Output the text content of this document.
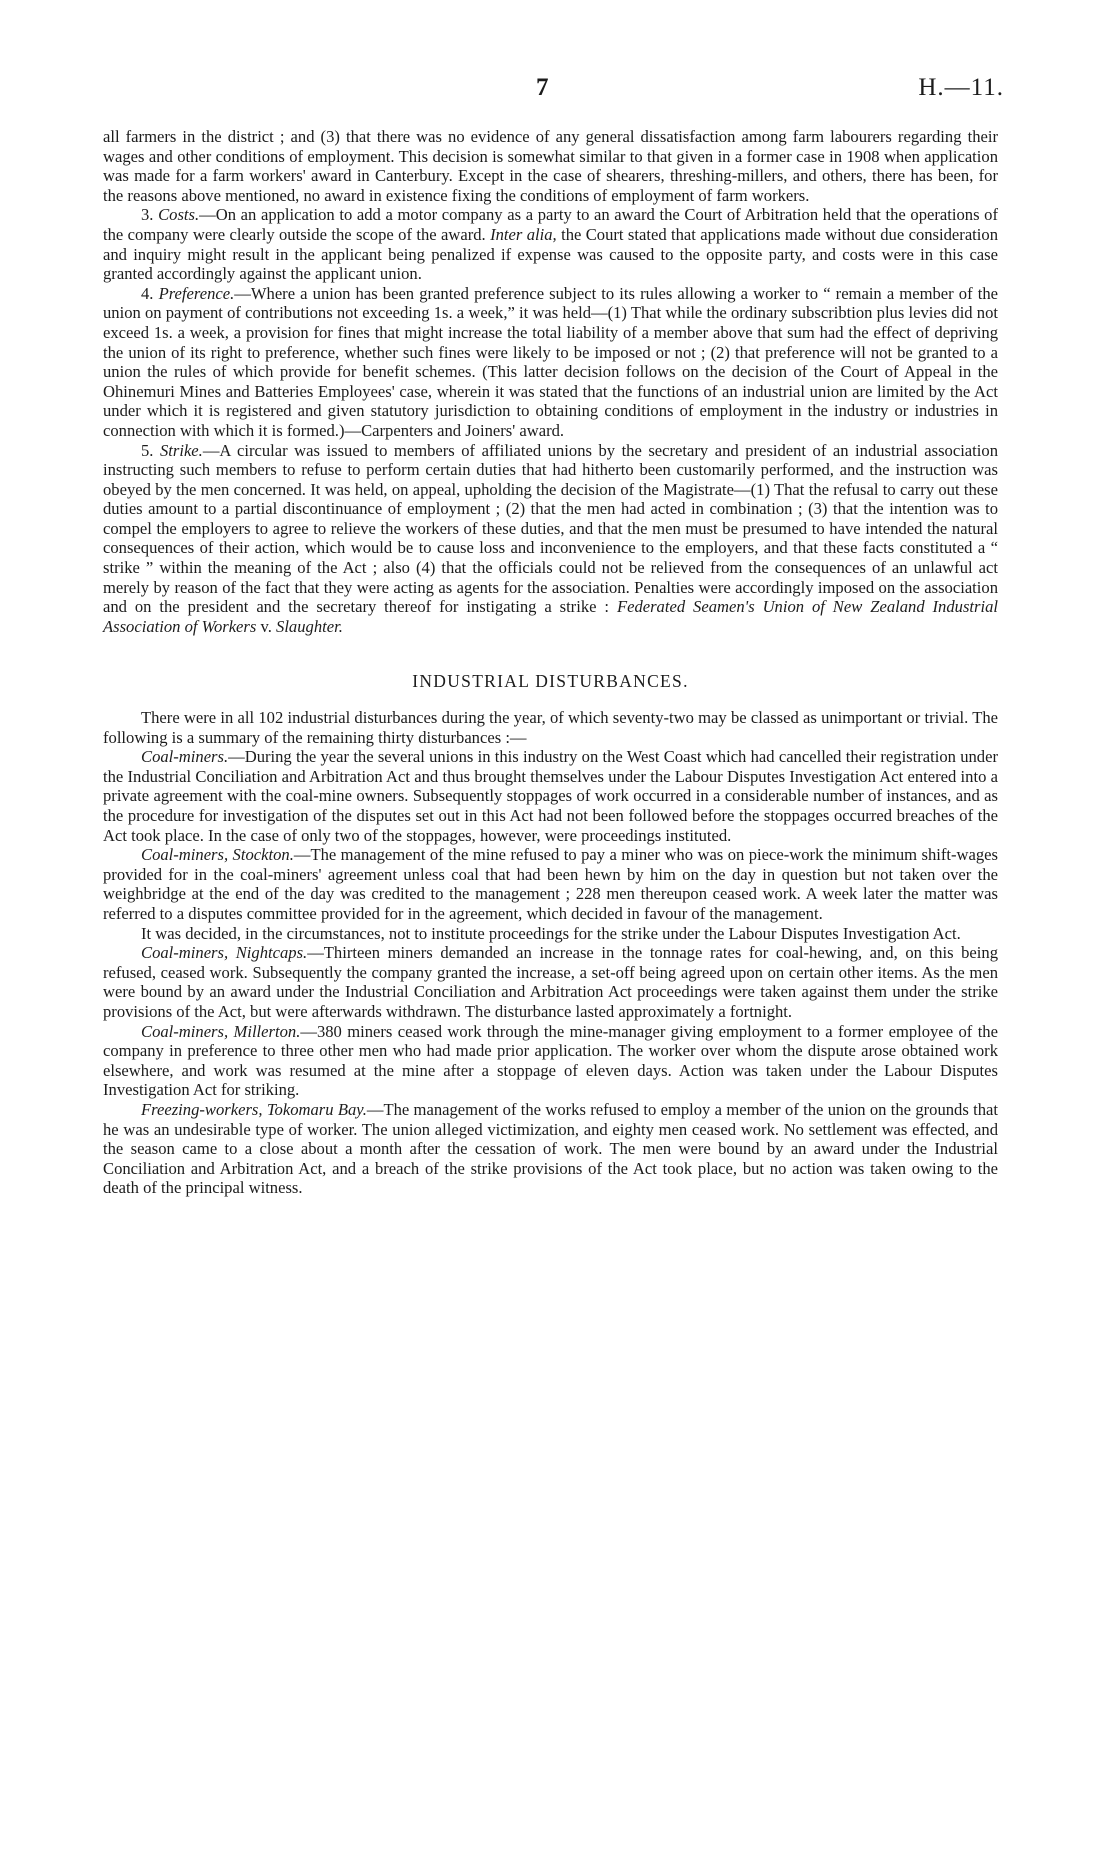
7	H.—11.

all farmers in the district ; and (3) that there was no evidence of any general dissatisfaction among farm labourers regarding their wages and other conditions of employment. This decision is somewhat similar to that given in a former case in 1908 when application was made for a farm workers' award in Canterbury. Except in the case of shearers, threshing-millers, and others, there has been, for the reasons above mentioned, no award in existence fixing the conditions of employment of farm workers.

3. Costs.—On an application to add a motor company as a party to an award the Court of Arbitration held that the operations of the company were clearly outside the scope of the award. Inter alia, the Court stated that applications made without due consideration and inquiry might result in the applicant being penalized if expense was caused to the opposite party, and costs were in this case granted accordingly against the applicant union.

4. Preference.—Where a union has been granted preference subject to its rules allowing a worker to “ remain a member of the union on payment of contributions not exceeding 1s. a week,” it was held—(1) That while the ordinary subscribtion plus levies did not exceed 1s. a week, a provision for fines that might increase the total liability of a member above that sum had the effect of depriving the union of its right to preference, whether such fines were likely to be imposed or not ; (2) that preference will not be granted to a union the rules of which provide for benefit schemes. (This latter decision follows on the decision of the Court of Appeal in the Ohinemuri Mines and Batteries Employees' case, wherein it was stated that the functions of an industrial union are limited by the Act under which it is registered and given statutory jurisdiction to obtaining conditions of employment in the industry or industries in connection with which it is formed.)—Carpenters and Joiners' award.

5. Strike.—A circular was issued to members of affiliated unions by the secretary and president of an industrial association instructing such members to refuse to perform certain duties that had hitherto been customarily performed, and the instruction was obeyed by the men concerned. It was held, on appeal, upholding the decision of the Magistrate—(1) That the refusal to carry out these duties amount to a partial discontinuance of employment ; (2) that the men had acted in combination ; (3) that the intention was to compel the employers to agree to relieve the workers of these duties, and that the men must be presumed to have intended the natural consequences of their action, which would be to cause loss and inconvenience to the employers, and that these facts constituted a “ strike ” within the meaning of the Act ; also (4) that the officials could not be relieved from the consequences of an unlawful act merely by reason of the fact that they were acting as agents for the association. Penalties were accordingly imposed on the association and on the president and the secretary thereof for instigating a strike : Federated Seamen's Union of New Zealand Industrial Association of Workers v. Slaughter.

INDUSTRIAL DISTURBANCES.

There were in all 102 industrial disturbances during the year, of which seventy-two may be classed as unimportant or trivial. The following is a summary of the remaining thirty disturbances :—

Coal-miners.—During the year the several unions in this industry on the West Coast which had cancelled their registration under the Industrial Conciliation and Arbitration Act and thus brought themselves under the Labour Disputes Investigation Act entered into a private agreement with the coal-mine owners. Subsequently stoppages of work occurred in a considerable number of instances, and as the procedure for investigation of the disputes set out in this Act had not been followed before the stoppages occurred breaches of the Act took place. In the case of only two of the stoppages, however, were proceedings instituted.

Coal-miners, Stockton.—The management of the mine refused to pay a miner who was on piece-work the minimum shift-wages provided for in the coal-miners' agreement unless coal that had been hewn by him on the day in question but not taken over the weighbridge at the end of the day was credited to the management ; 228 men thereupon ceased work. A week later the matter was referred to a disputes committee provided for in the agreement, which decided in favour of the management.

It was decided, in the circumstances, not to institute proceedings for the strike under the Labour Disputes Investigation Act.

Coal-miners, Nightcaps.—Thirteen miners demanded an increase in the tonnage rates for coal-hewing, and, on this being refused, ceased work. Subsequently the company granted the increase, a set-off being agreed upon on certain other items. As the men were bound by an award under the Industrial Conciliation and Arbitration Act proceedings were taken against them under the strike provisions of the Act, but were afterwards withdrawn. The disturbance lasted approximately a fortnight.

Coal-miners, Millerton.—380 miners ceased work through the mine-manager giving employment to a former employee of the company in preference to three other men who had made prior application. The worker over whom the dispute arose obtained work elsewhere, and work was resumed at the mine after a stoppage of eleven days. Action was taken under the Labour Disputes Investigation Act for striking.

Freezing-workers, Tokomaru Bay.—The management of the works refused to employ a member of the union on the grounds that he was an undesirable type of worker. The union alleged victimization, and eighty men ceased work. No settlement was effected, and the season came to a close about a month after the cessation of work. The men were bound by an award under the Industrial Conciliation and Arbitration Act, and a breach of the strike provisions of the Act took place, but no action was taken owing to the death of the principal witness.
